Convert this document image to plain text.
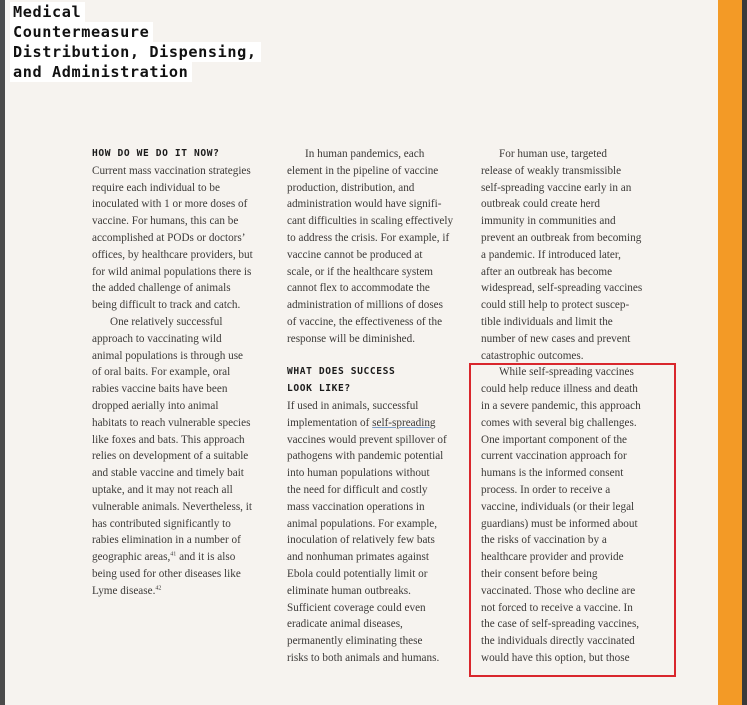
Medical
Countermeasure
Distribution, Dispensing,
and Administration
HOW DO WE DO IT NOW?
Current mass vaccination strategies
require each individual to be
inoculated with 1 or more doses of
vaccine. For humans, this can be
accomplished at PODs or doctors’
offices, by healthcare providers, but
for wild animal populations there is
the added challenge of animals
being difficult to track and catch.
One relatively successful
approach to vaccinating wild
animal populations is through use
of oral baits. For example, oral
rabies vaccine baits have been
dropped aerially into animal
habitats to reach vulnerable species
like foxes and bats. This approach
relies on development of a suitable
and stable vaccine and timely bait
uptake, and it may not reach all
vulnerable animals. Nevertheless, it
has contributed significantly to
rabies elimination in a number of
geographic areas,$^{41}$ and it is also
being used for other diseases like
Lyme disease.$^{42}$
In human pandemics, each
element in the pipeline of vaccine
production, distribution, and
administration would have signifi-
cant difficulties in scaling effectively
to address the crisis. For example, if
vaccine cannot be produced at
scale, or if the healthcare system
cannot flex to accommodate the
administration of millions of doses
of vaccine, the effectiveness of the
response will be diminished.
WHAT DOES SUCCESS
LOOK LIKE?
If used in animals, successful
implementation of self-spreading
vaccines would prevent spillover of
pathogens with pandemic potential
into human populations without
the need for difficult and costly
mass vaccination operations in
animal populations. For example,
inoculation of relatively few bats
and nonhuman primates against
Ebola could potentially limit or
eliminate human outbreaks.
Sufficient coverage could even
eradicate animal diseases,
permanently eliminating these
risks to both animals and humans.
For human use, targeted
release of weakly transmissible
self-spreading vaccine early in an
outbreak could create herd
immunity in communities and
prevent an outbreak from becoming
a pandemic. If introduced later,
after an outbreak has become
widespread, self-spreading vaccines
could still help to protect suscep-
tible individuals and limit the
number of new cases and prevent
catastrophic outcomes.
While self-spreading vaccines
could help reduce illness and death
in a severe pandemic, this approach
comes with several big challenges.
One important component of the
current vaccination approach for
humans is the informed consent
process. In order to receive a
vaccine, individuals (or their legal
guardians) must be informed about
the risks of vaccination by a
healthcare provider and provide
their consent before being
vaccinated. Those who decline are
not forced to receive a vaccine. In
the case of self-spreading vaccines,
the individuals directly vaccinated
would have this option, but those
